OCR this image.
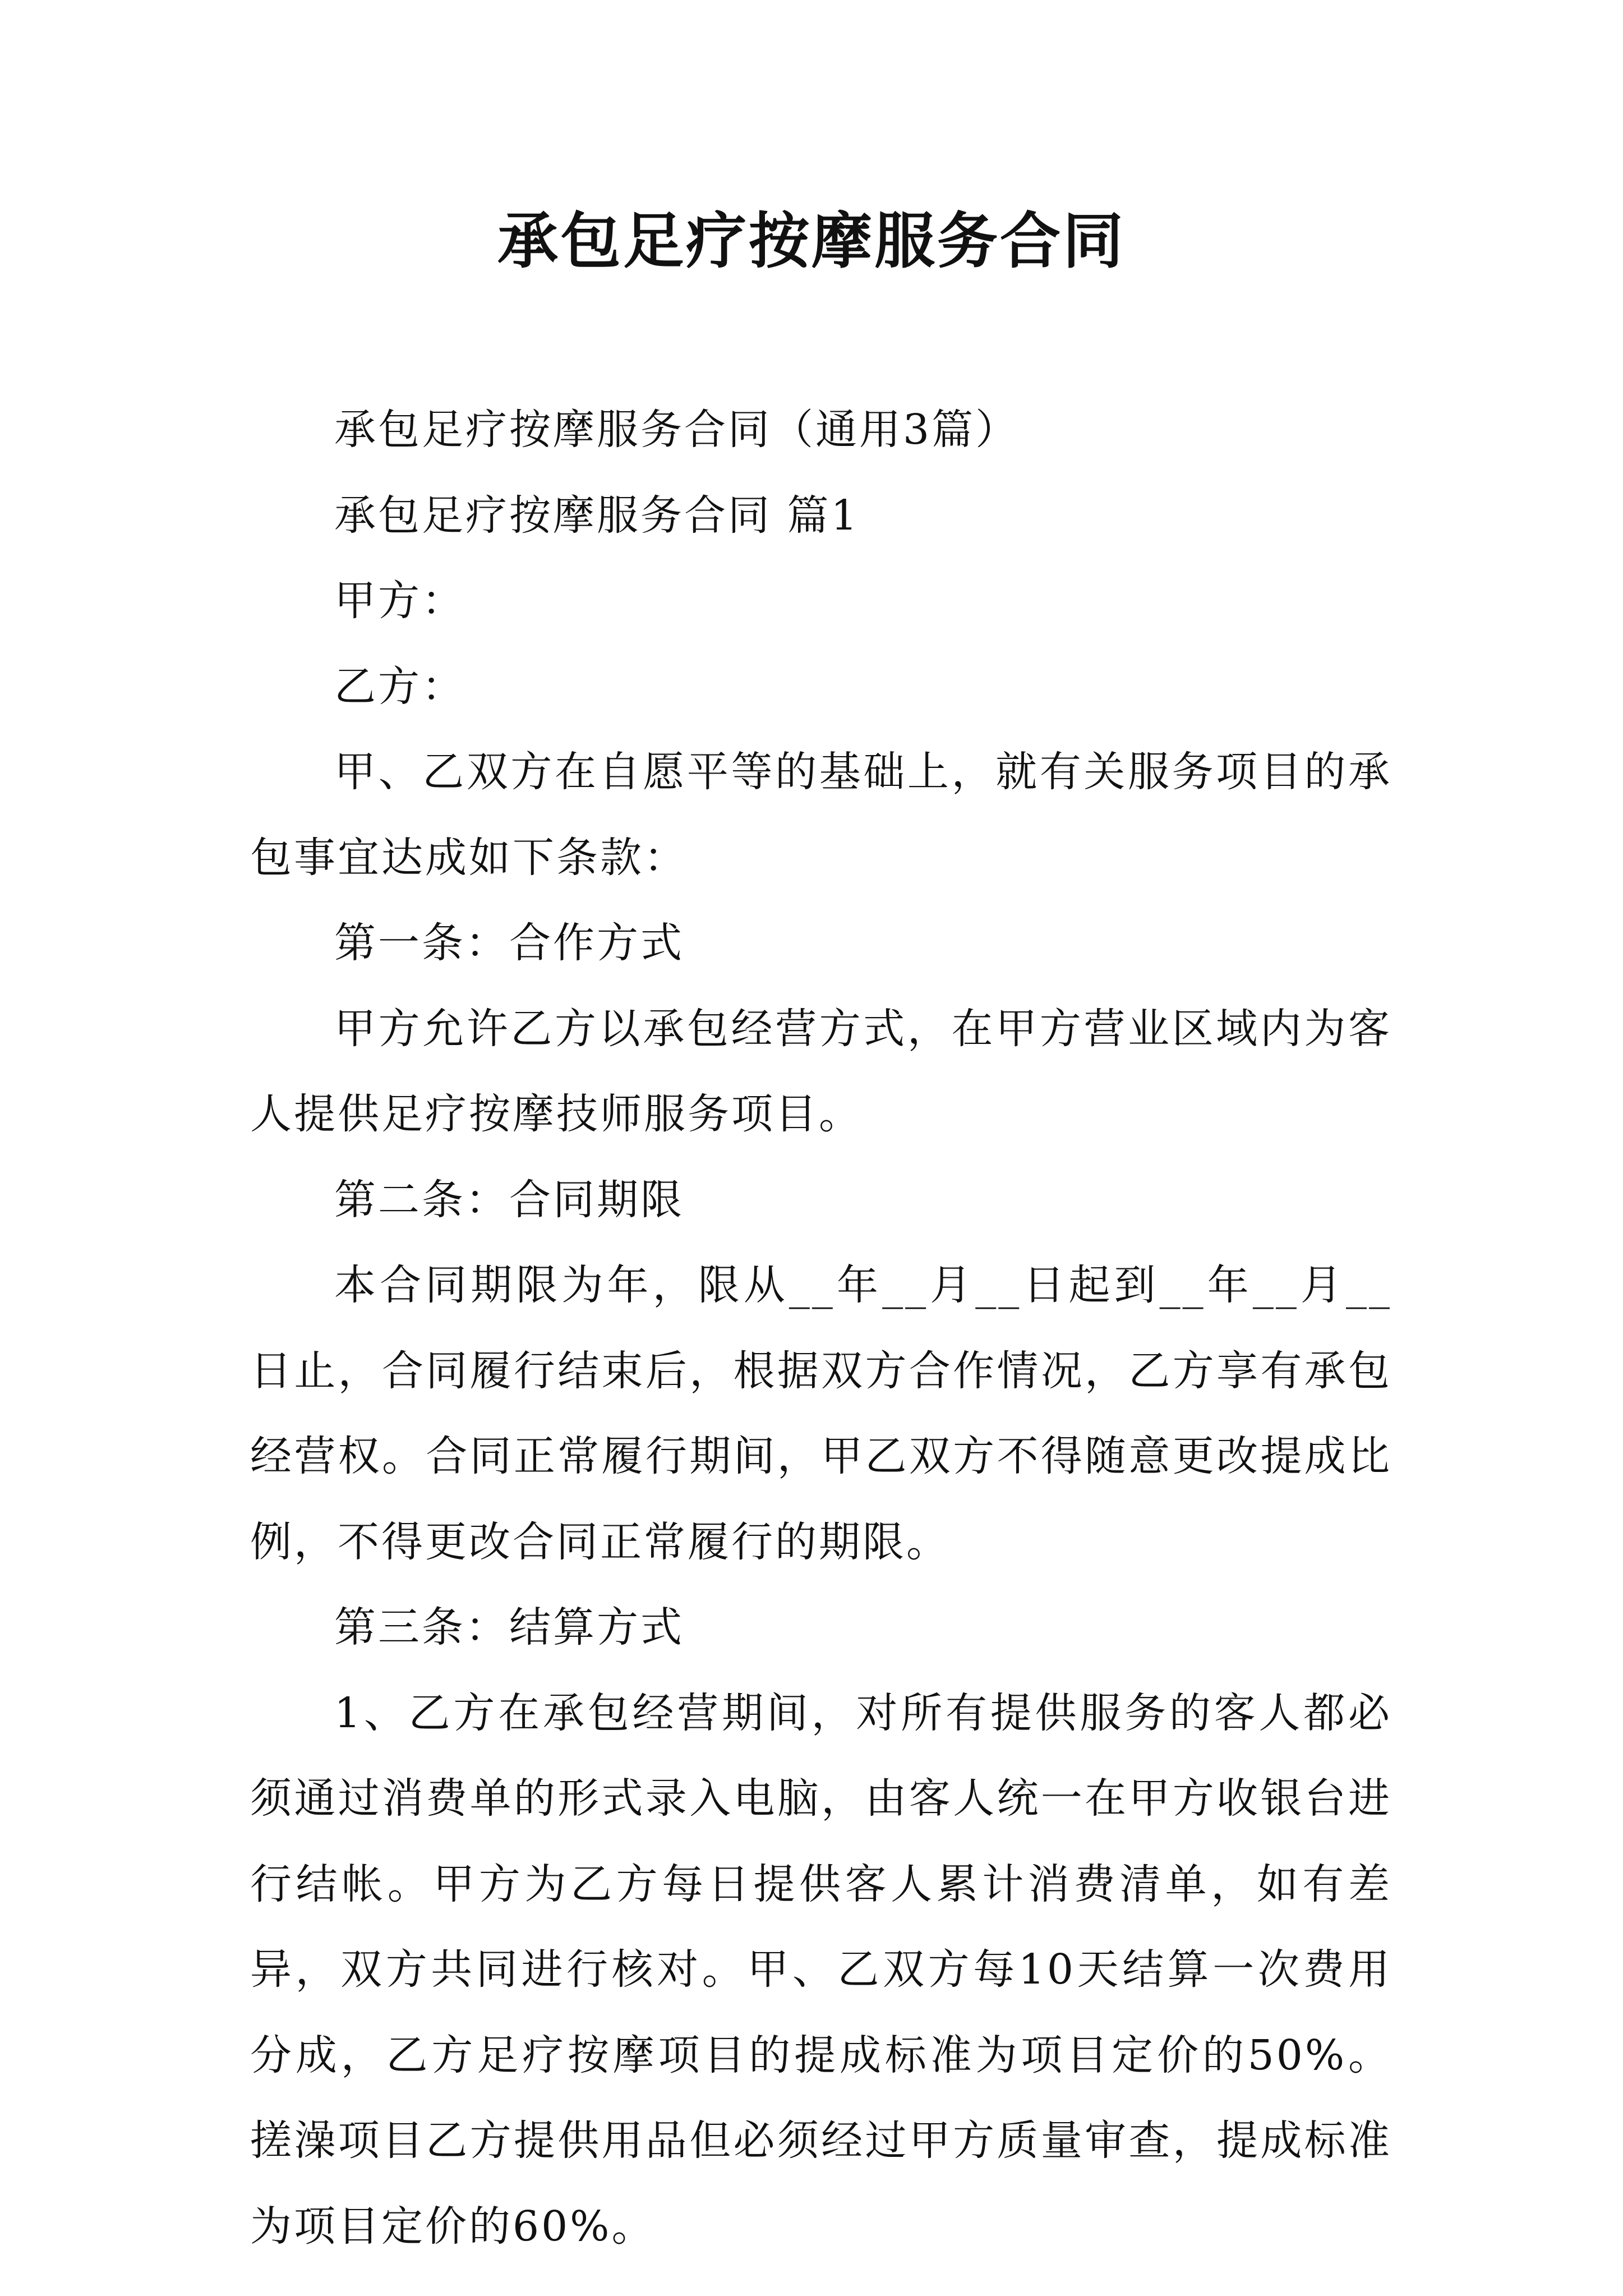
承包足疗按摩服务合同

承包足疗按摩服务合同（通用3篇）

承包足疗按摩服务合同 篇1

甲方：

乙方：

甲、乙双方在自愿平等的基础上，就有关服务项目的承包事宜达成如下条款：

第一条：合作方式

甲方允许乙方以承包经营方式，在甲方营业区域内为客人提供足疗按摩技师服务项目。

第二条：合同期限

本合同期限为年，限从__年__月__日起到__年__月__日止，合同履行结束后，根据双方合作情况，乙方享有承包经营权。合同正常履行期间，甲乙双方不得随意更改提成比例，不得更改合同正常履行的期限。

第三条：结算方式

1、乙方在承包经营期间，对所有提供服务的客人都必须通过消费单的形式录入电脑，由客人统一在甲方收银台进行结帐。甲方为乙方每日提供客人累计消费清单，如有差异，双方共同进行核对。甲、乙双方每10天结算一次费用分成，乙方足疗按摩项目的提成标准为项目定价的50%。搓澡项目乙方提供用品但必须经过甲方质量审查，提成标准为项目定价的60%。
